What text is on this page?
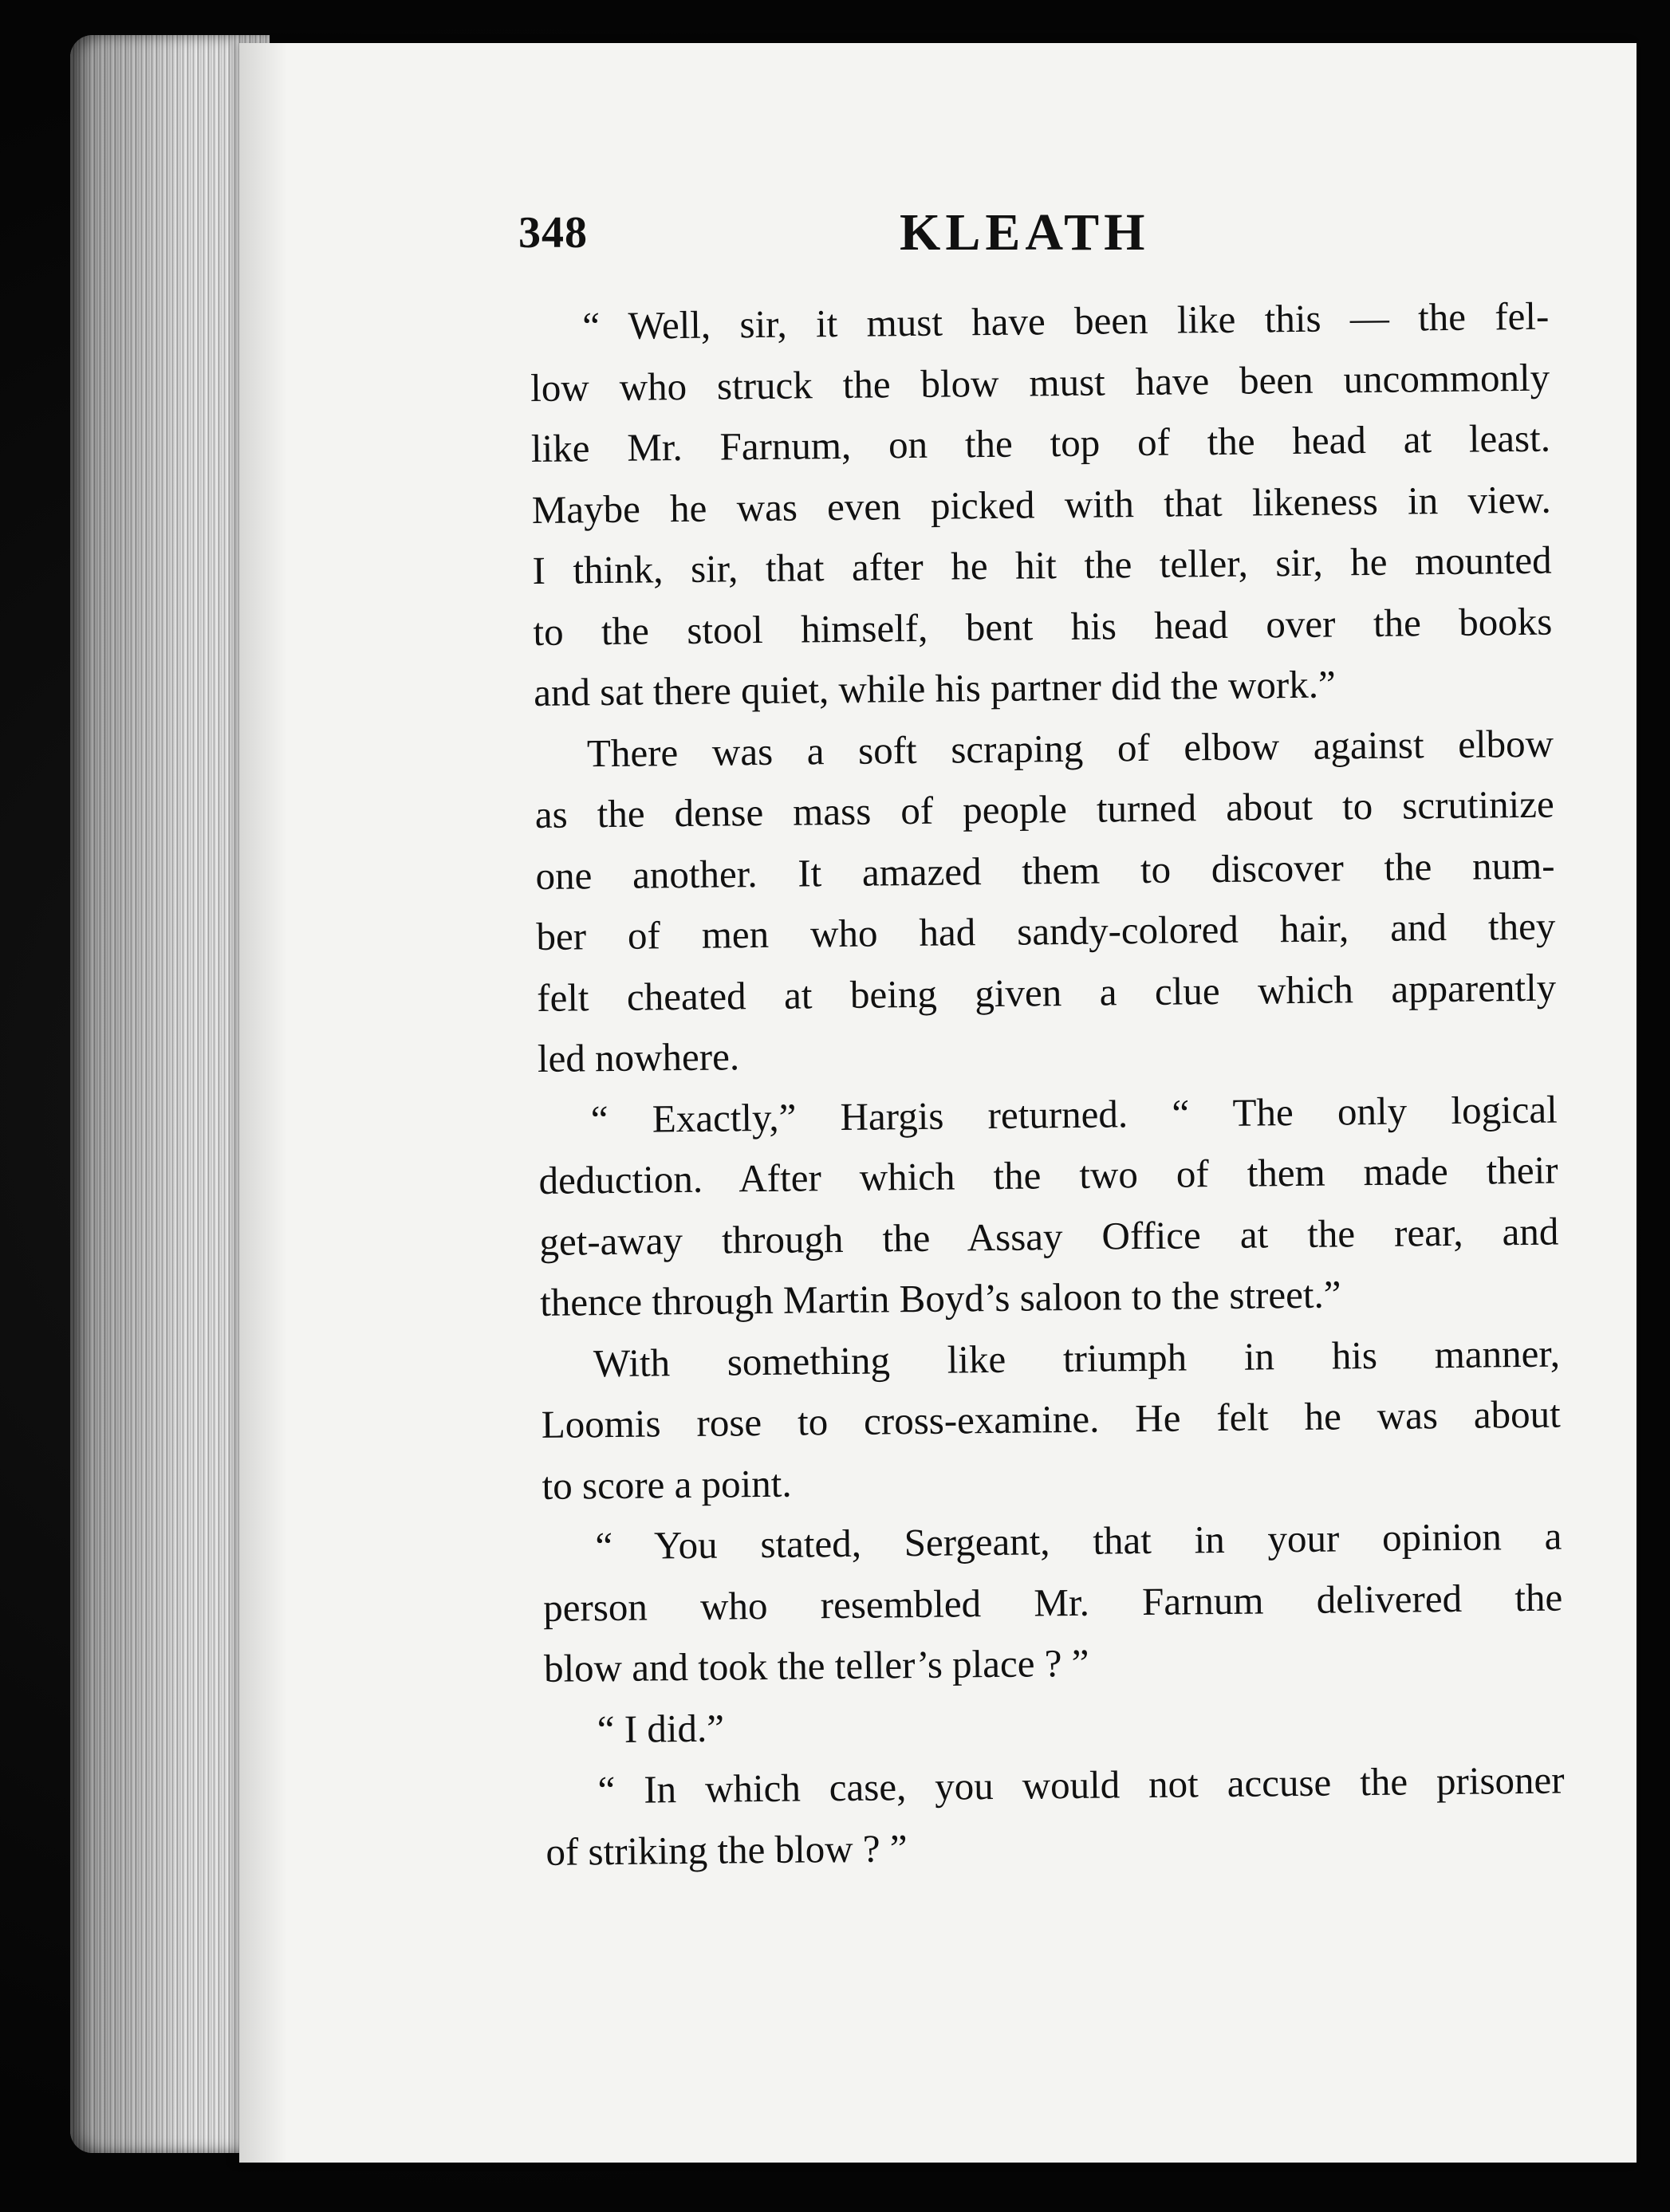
348	KLEATH
“ Well, sir, it must have been like this — the fel-
low who struck the blow must have been uncommonly
like Mr. Farnum, on the top of the head at least.
Maybe he was even picked with that likeness in view.
I think, sir, that after he hit the teller, sir, he mounted
to the stool himself, bent his head over the books
and sat there quiet, while his partner did the work.”
There was a soft scraping of elbow against elbow
as the dense mass of people turned about to scrutinize
one another. It amazed them to discover the num-
ber of men who had sandy-colored hair, and they
felt cheated at being given a clue which apparently
led nowhere.
“ Exactly,” Hargis returned. “ The only logical
deduction. After which the two of them made their
get-away through the Assay Office at the rear, and
thence through Martin Boyd’s saloon to the street.”
With something like triumph in his manner,
Loomis rose to cross-examine. He felt he was about
to score a point.
“ You stated, Sergeant, that in your opinion a
person who resembled Mr. Farnum delivered the
blow and took the teller’s place ? ”
“ I did.”
“ In which case, you would not accuse the prisoner
of striking the blow ? ”
